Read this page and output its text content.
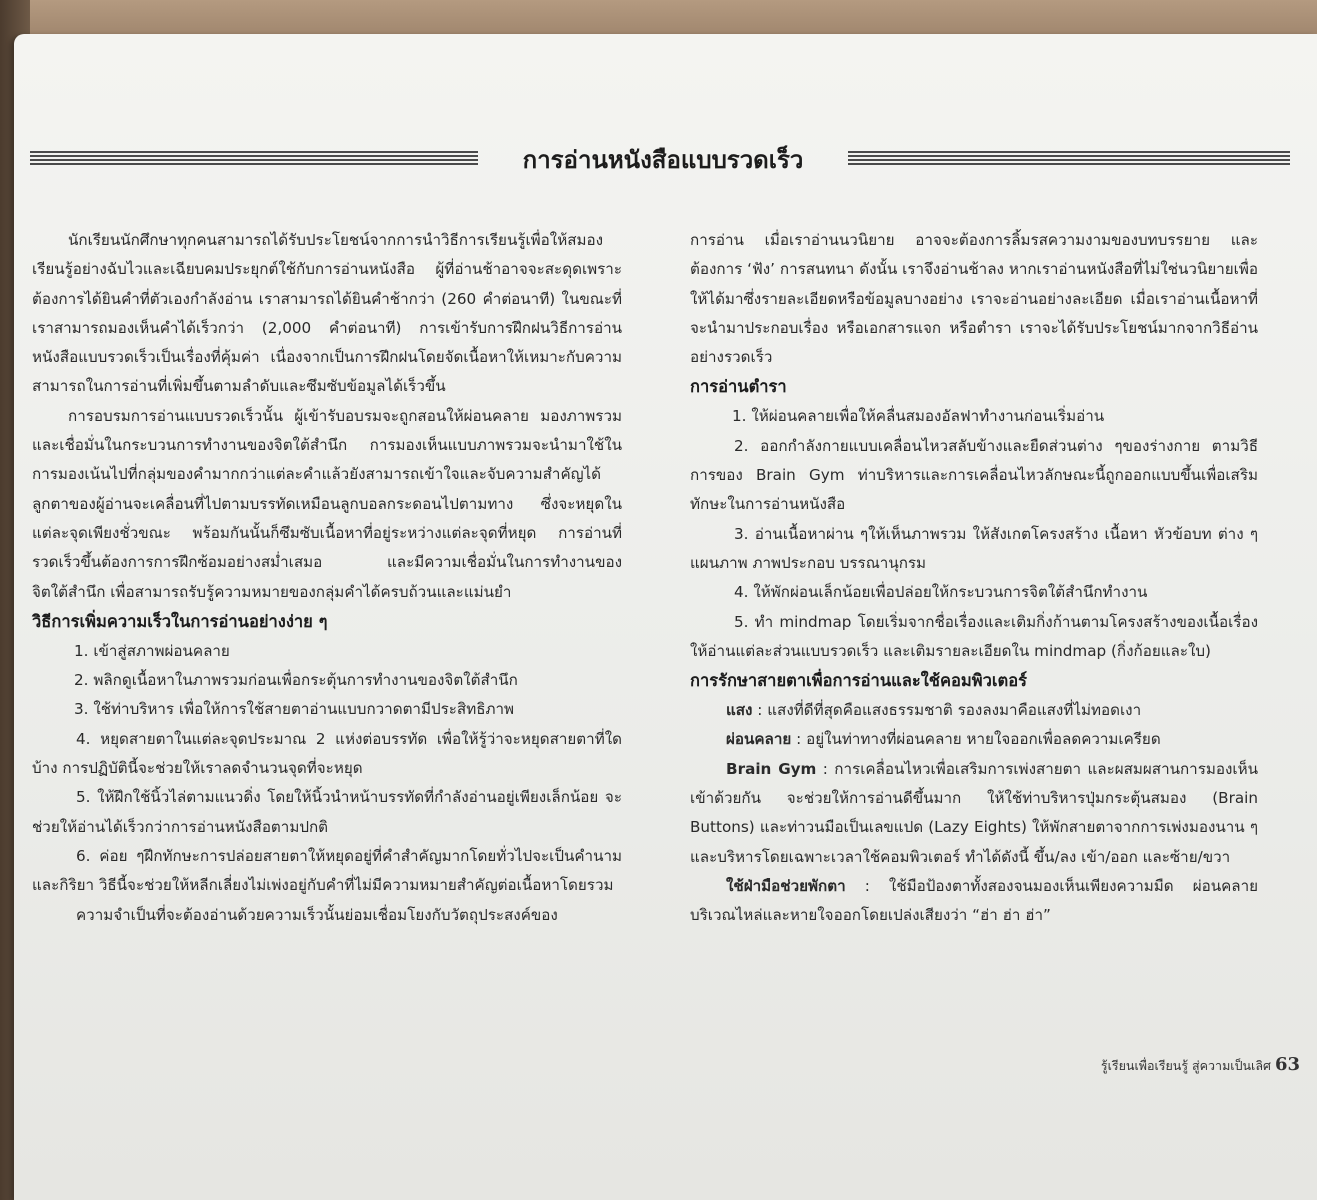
การอ่านหนังสือแบบรวดเร็ว

นักเรียนนักศึกษาทุกคนสามารถได้รับประโยชน์จากการนำวิธีการเรียนรู้เพื่อให้สมองเรียนรู้อย่างฉับไวและเฉียบคมประยุกต์ใช้กับการอ่านหนังสือ ผู้ที่อ่านช้าอาจจะสะดุดเพราะต้องการได้ยินคำที่ตัวเองกำลังอ่าน เราสามารถได้ยินคำช้ากว่า (260 คำต่อนาที) ในขณะที่เราสามารถมองเห็นคำได้เร็วกว่า (2,000 คำต่อนาที) การเข้ารับการฝึกฝนวิธีการอ่านหนังสือแบบรวดเร็วเป็นเรื่องที่คุ้มค่า เนื่องจากเป็นการฝึกฝนโดยจัดเนื้อหาให้เหมาะกับความสามารถในการอ่านที่เพิ่มขึ้นตามลำดับและซึมซับข้อมูลได้เร็วขึ้น

การอบรมการอ่านแบบรวดเร็วนั้น ผู้เข้ารับอบรมจะถูกสอนให้ผ่อนคลาย มองภาพรวมและเชื่อมั่นในกระบวนการทำงานของจิตใต้สำนึก การมองเห็นแบบภาพรวมจะนำมาใช้ในการมองเน้นไปที่กลุ่มของคำมากกว่าแต่ละคำแล้วยังสามารถเข้าใจและจับความสำคัญได้ ลูกตาของผู้อ่านจะเคลื่อนที่ไปตามบรรทัดเหมือนลูกบอลกระดอนไปตามทาง ซึ่งจะหยุดในแต่ละจุดเพียงชั่วขณะ พร้อมกันนั้นก็ซึมซับเนื้อหาที่อยู่ระหว่างแต่ละจุดที่หยุด การอ่านที่รวดเร็วขึ้นต้องการการฝึกซ้อมอย่างสม่ำเสมอ และมีความเชื่อมั่นในการทำงานของจิตใต้สำนึก เพื่อสามารถรับรู้ความหมายของกลุ่มคำได้ครบถ้วนและแม่นยำ

วิธีการเพิ่มความเร็วในการอ่านอย่างง่าย ๆ

1. เข้าสู่สภาพผ่อนคลาย

2. พลิกดูเนื้อหาในภาพรวมก่อนเพื่อกระตุ้นการทำงานของจิตใต้สำนึก

3. ใช้ท่าบริหาร เพื่อให้การใช้สายตาอ่านแบบกวาดตามีประสิทธิภาพ

4. หยุดสายตาในแต่ละจุดประมาณ 2 แห่งต่อบรรทัด เพื่อให้รู้ว่าจะหยุดสายตาที่ใดบ้าง การปฏิบัตินี้จะช่วยให้เราลดจำนวนจุดที่จะหยุด

5. ให้ฝึกใช้นิ้วไล่ตามแนวดิ่ง โดยให้นิ้วนำหน้าบรรทัดที่กำลังอ่านอยู่เพียงเล็กน้อย จะช่วยให้อ่านได้เร็วกว่าการอ่านหนังสือตามปกติ

6. ค่อย ๆฝึกทักษะการปล่อยสายตาให้หยุดอยู่ที่คำสำคัญมากโดยทั่วไปจะเป็นคำนามและกิริยา วิธีนี้จะช่วยให้หลีกเลี่ยงไม่เพ่งอยู่กับคำที่ไม่มีความหมายสำคัญต่อเนื้อหาโดยรวม

ความจำเป็นที่จะต้องอ่านด้วยความเร็วนั้นย่อมเชื่อมโยงกับวัตถุประสงค์ของ

การอ่าน เมื่อเราอ่านนวนิยาย อาจจะต้องการลิ้มรสความงามของบทบรรยาย และต้องการ ‘ฟัง’ การสนทนา ดังนั้น เราจึงอ่านช้าลง หากเราอ่านหนังสือที่ไม่ใช่นวนิยายเพื่อให้ได้มาซึ่งรายละเอียดหรือข้อมูลบางอย่าง เราจะอ่านอย่างละเอียด เมื่อเราอ่านเนื้อหาที่จะนำมาประกอบเรื่อง หรือเอกสารแจก หรือตำรา เราจะได้รับประโยชน์มากจากวิธีอ่านอย่างรวดเร็ว

การอ่านตำรา

1. ให้ผ่อนคลายเพื่อให้คลื่นสมองอัลฟาทำงานก่อนเริ่มอ่าน

2. ออกกำลังกายแบบเคลื่อนไหวสลับข้างและยืดส่วนต่าง ๆของร่างกาย ตามวิธีการของ Brain Gym ท่าบริหารและการเคลื่อนไหวลักษณะนี้ถูกออกแบบขึ้นเพื่อเสริมทักษะในการอ่านหนังสือ

3. อ่านเนื้อหาผ่าน ๆให้เห็นภาพรวม ให้สังเกตโครงสร้าง เนื้อหา หัวข้อบท ต่าง ๆ แผนภาพ ภาพประกอบ บรรณานุกรม

4. ให้พักผ่อนเล็กน้อยเพื่อปล่อยให้กระบวนการจิตใต้สำนึกทำงาน

5. ทำ mindmap โดยเริ่มจากชื่อเรื่องและเติมกิ่งก้านตามโครงสร้างของเนื้อเรื่อง ให้อ่านแต่ละส่วนแบบรวดเร็ว และเติมรายละเอียดใน mindmap (กิ่งก้อยและใบ)

การรักษาสายตาเพื่อการอ่านและใช้คอมพิวเตอร์

แสง : แสงที่ดีที่สุดคือแสงธรรมชาติ รองลงมาคือแสงที่ไม่ทอดเงา

ผ่อนคลาย : อยู่ในท่าทางที่ผ่อนคลาย หายใจออกเพื่อลดความเครียด

Brain Gym : การเคลื่อนไหวเพื่อเสริมการเพ่งสายตา และผสมผสานการมองเห็นเข้าด้วยกัน จะช่วยให้การอ่านดีขึ้นมาก ให้ใช้ท่าบริหารปุ่มกระตุ้นสมอง (Brain Buttons) และท่าวนมือเป็นเลขแปด (Lazy Eights) ให้พักสายตาจากการเพ่งมองนาน ๆ และบริหารโดยเฉพาะเวลาใช้คอมพิวเตอร์ ทำได้ดังนี้ ขึ้น/ลง เข้า/ออก และซ้าย/ขวา

ใช้ฝ่ามือช่วยพักตา : ใช้มือป้องตาทั้งสองจนมองเห็นเพียงความมืด ผ่อนคลายบริเวณไหล่และหายใจออกโดยเปล่งเสียงว่า “ฮ่า ฮ่า ฮ่า”

รู้เรียนเพื่อเรียนรู้ สู่ความเป็นเลิศ 63
